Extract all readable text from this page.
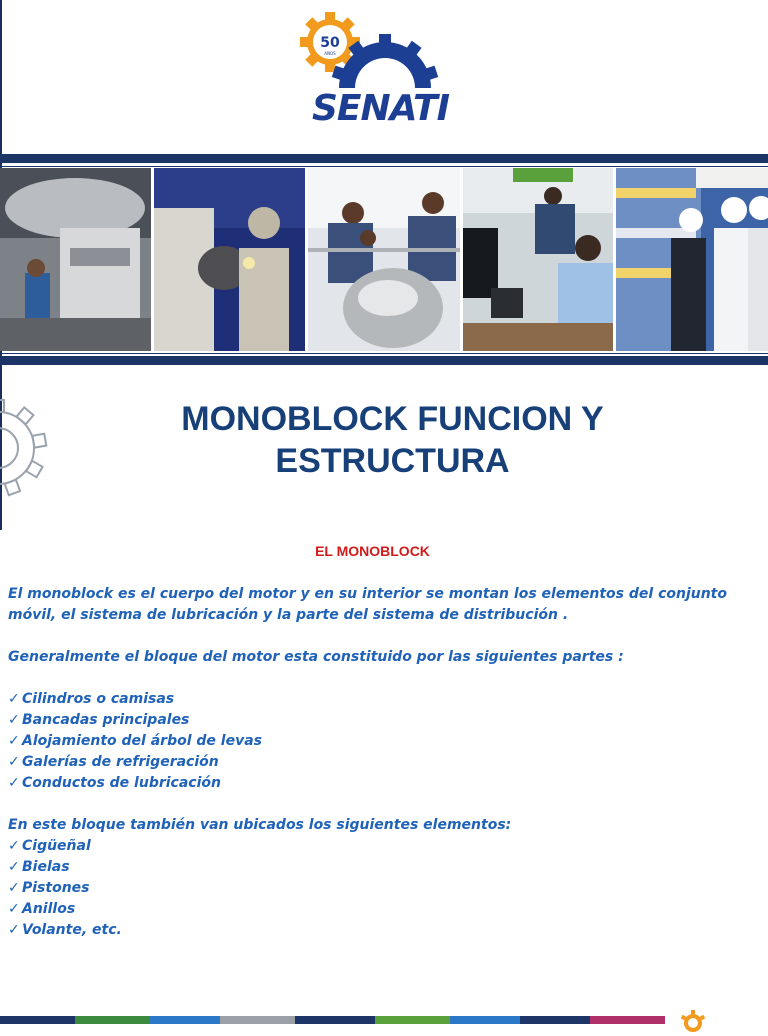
50
AÑOS
SENATI
MONOBLOCK FUNCION Y
ESTRUCTURA
EL MONOBLOCK

El monoblock es el cuerpo del motor y en su interior se montan los elementos del conjunto móvil, el sistema de lubricación y la parte del sistema de distribución .

Generalmente el bloque del motor esta constituido por las siguientes partes :

✓ Cilindros o camisas

✓ Bancadas principales

✓ Alojamiento del árbol de levas

✓ Galerías de refrigeración

✓ Conductos de lubricación

En este bloque también van ubicados los siguientes elementos:

✓ Cigüeñal

✓ Bielas

✓ Pistones

✓ Anillos

✓ Volante, etc.
